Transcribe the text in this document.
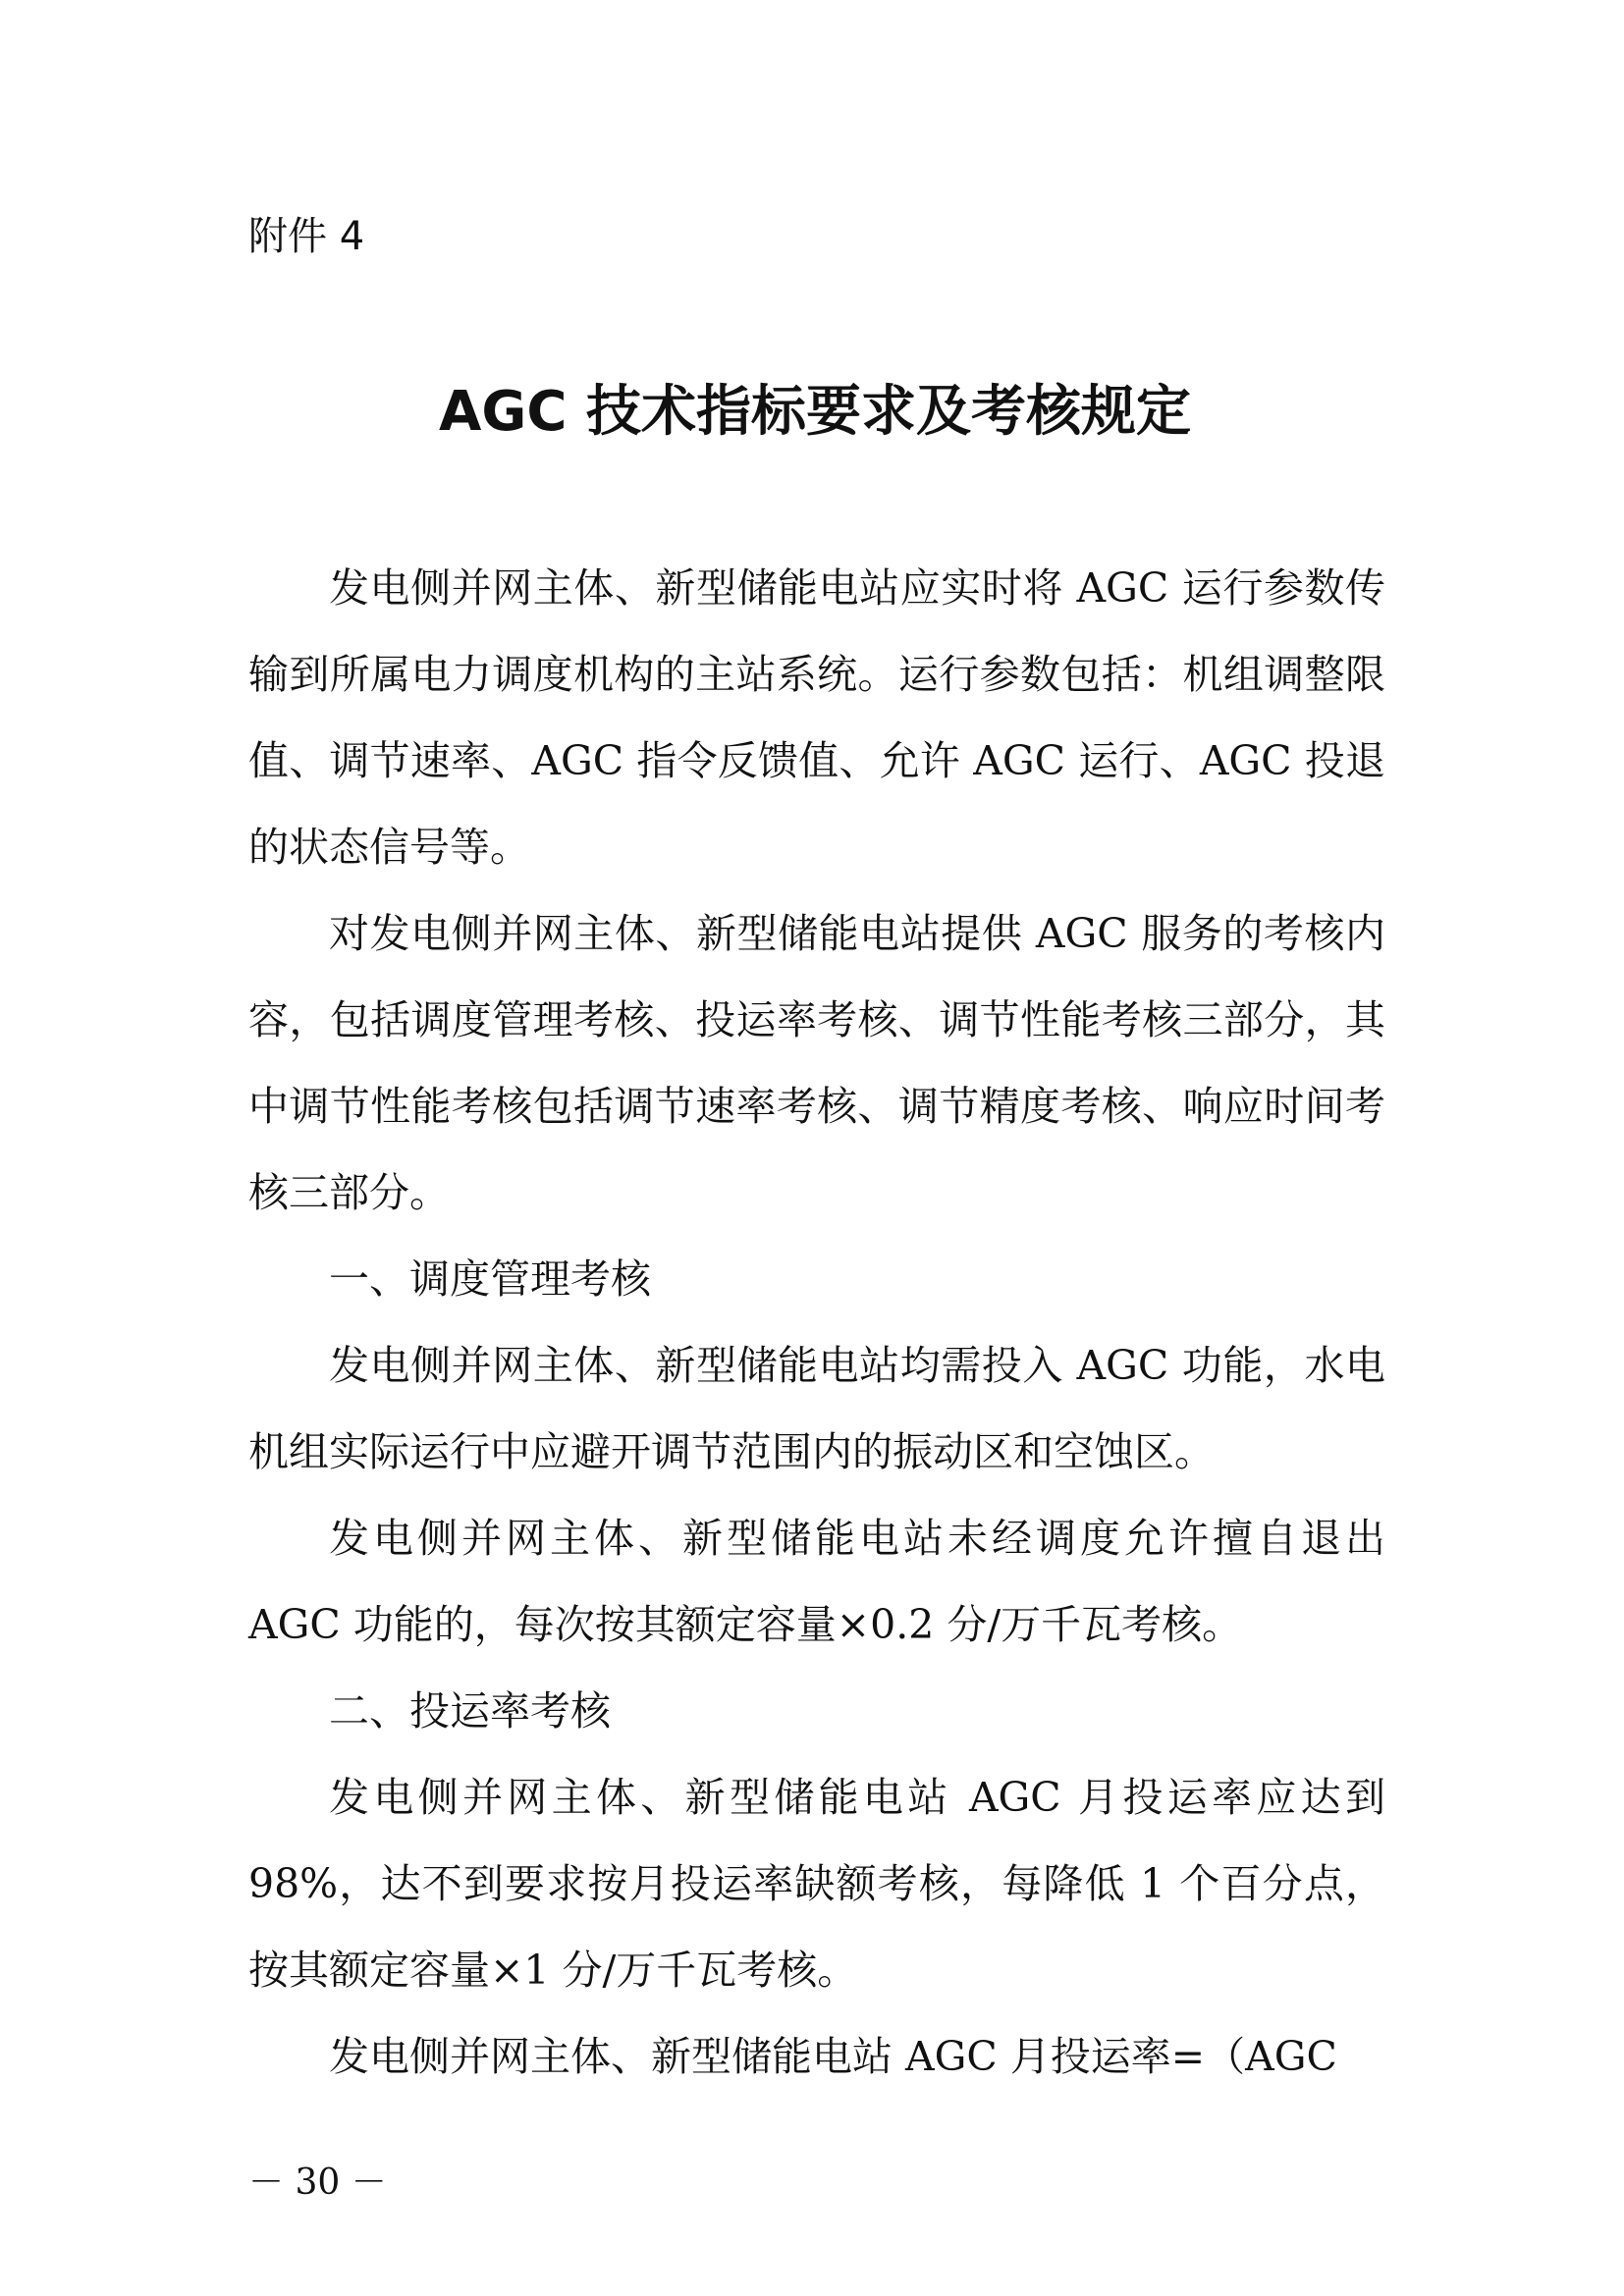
附件 4

AGC 技术指标要求及考核规定

发电侧并网主体、新型储能电站应实时将 AGC 运行参数传输到所属电力调度机构的主站系统。运行参数包括：机组调整限值、调节速率、AGC 指令反馈值、允许 AGC 运行、AGC 投退的状态信号等。

对发电侧并网主体、新型储能电站提供 AGC 服务的考核内容，包括调度管理考核、投运率考核、调节性能考核三部分，其中调节性能考核包括调节速率考核、调节精度考核、响应时间考核三部分。

一、调度管理考核

发电侧并网主体、新型储能电站均需投入 AGC 功能，水电机组实际运行中应避开调节范围内的振动区和空蚀区。

发电侧并网主体、新型储能电站未经调度允许擅自退出 AGC 功能的，每次按其额定容量×0.2 分/万千瓦考核。

二、投运率考核

发电侧并网主体、新型储能电站 AGC 月投运率应达到 98%，达不到要求按月投运率缺额考核，每降低 1 个百分点，按其额定容量×1 分/万千瓦考核。

发电侧并网主体、新型储能电站 AGC 月投运率=（AGC

－ 30 －
